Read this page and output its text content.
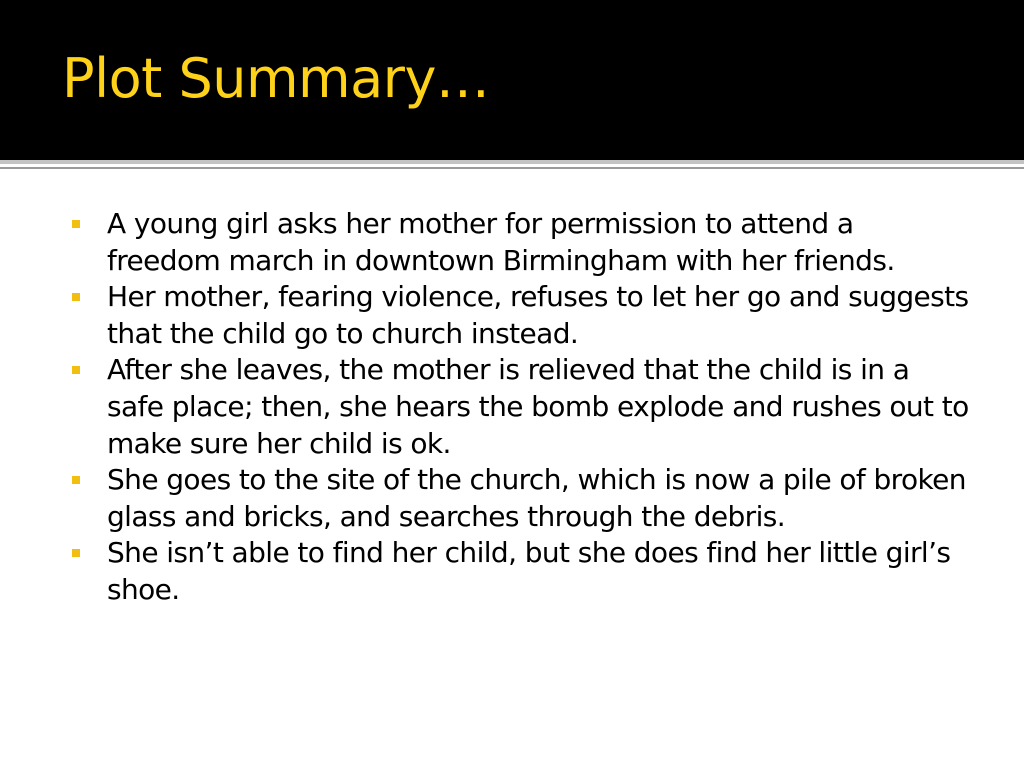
Plot Summary…
A young girl asks her mother for permission to attend a freedom march in downtown Birmingham with her friends.
Her mother, fearing violence, refuses to let her go and suggests that the child go to church instead.
After she leaves, the mother is relieved that the child is in a safe place; then, she hears the bomb explode and rushes out to make sure her child is ok.
She goes to the site of the church, which is now a pile of broken glass and bricks, and searches through the debris.
She isn’t able to find her child, but she does find her little girl’s shoe.
